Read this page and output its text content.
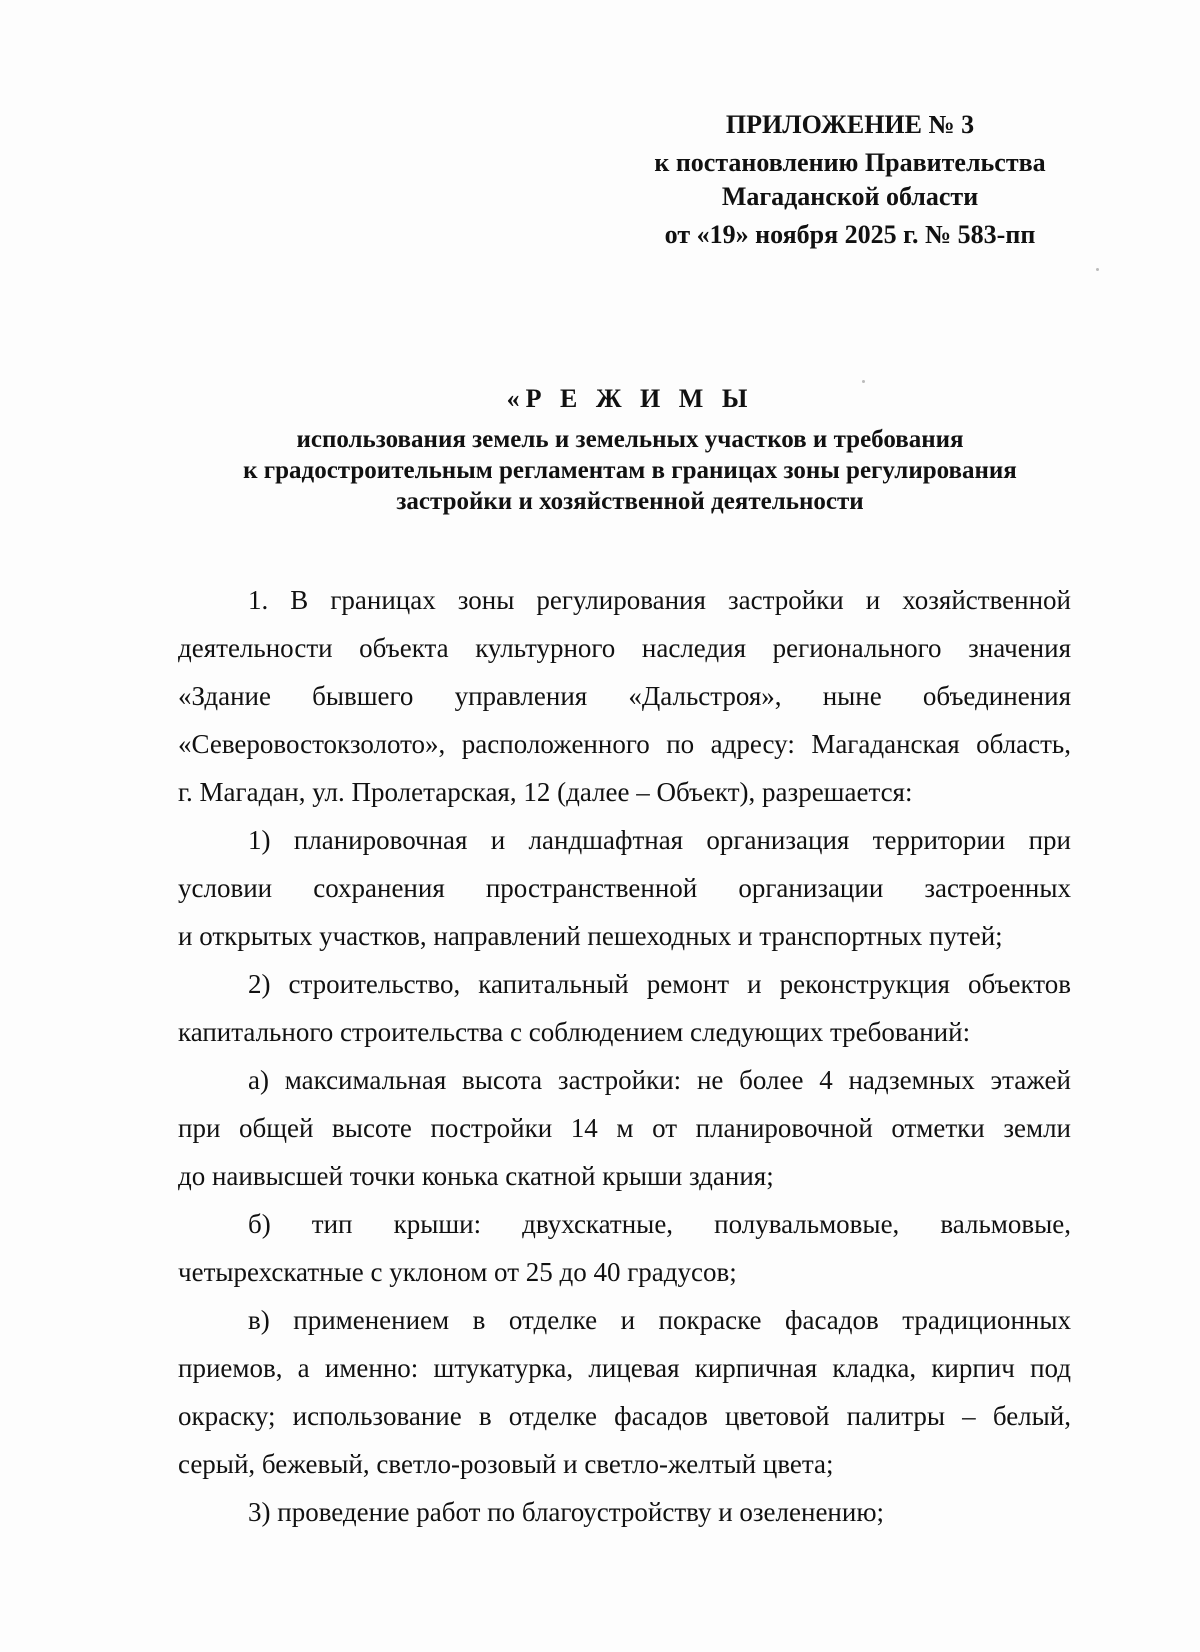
ПРИЛОЖЕНИЕ № 3
к постановлению Правительства
Магаданской области
от «19» ноября 2025 г. № 583-пп
«Р Е Ж И М Ы
использования земель и земельных участков и требования
к градостроительным регламентам в границах зоны регулирования
застройки и хозяйственной деятельности
1. В границах зоны регулирования застройки и хозяйственной
деятельности объекта культурного наследия регионального значения
«Здание бывшего управления «Дальстроя», ныне объединения
«Северовостокзолото», расположенного по адресу: Магаданская область,
г. Магадан, ул. Пролетарская, 12 (далее – Объект), разрешается:
1) планировочная и ландшафтная организация территории при
условии сохранения пространственной организации застроенных
и открытых участков, направлений пешеходных и транспортных путей;
2) строительство, капитальный ремонт и реконструкция объектов
капитального строительства с соблюдением следующих требований:
а) максимальная высота застройки: не более 4 надземных этажей
при общей высоте постройки 14 м от планировочной отметки земли
до наивысшей точки конька скатной крыши здания;
б) тип крыши: двухскатные, полувальмовые, вальмовые,
четырехскатные с уклоном от 25 до 40 градусов;
в) применением в отделке и покраске фасадов традиционных
приемов, а именно: штукатурка, лицевая кирпичная кладка, кирпич под
окраску; использование в отделке фасадов цветовой палитры – белый,
серый, бежевый, светло-розовый и светло-желтый цвета;
3) проведение работ по благоустройству и озеленению;
